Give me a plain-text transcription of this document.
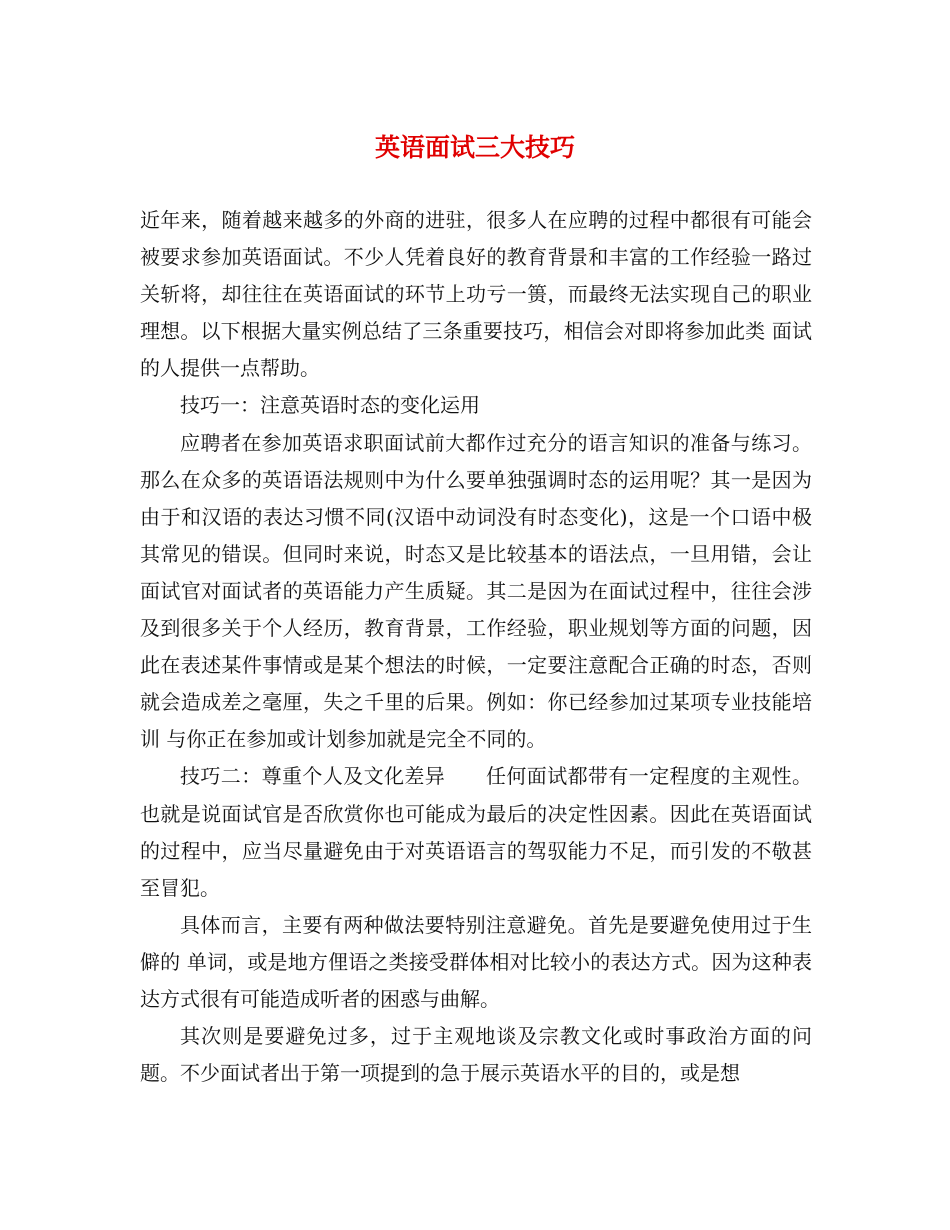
英语面试三大技巧

近年来，随着越来越多的外商的进驻，很多人在应聘的过程中都很有可能会被要求参加英语面试。不少人凭着良好的教育背景和丰富的工作经验一路过关斩将，却往往在英语面试的环节上功亏一篑，而最终无法实现自己的职业理想。以下根据大量实例总结了三条重要技巧，相信会对即将参加此类 面试的人提供一点帮助。

技巧一：注意英语时态的变化运用

应聘者在参加英语求职面试前大都作过充分的语言知识的准备与练习。那么在众多的英语语法规则中为什么要单独强调时态的运用呢？其一是因为由于和汉语的表达习惯不同(汉语中动词没有时态变化)，这是一个口语中极其常见的错误。但同时来说，时态又是比较基本的语法点，一旦用错，会让面试官对面试者的英语能力产生质疑。其二是因为在面试过程中，往往会涉及到很多关于个人经历，教育背景，工作经验，职业规划等方面的问题，因此在表述某件事情或是某个想法的时候，一定要注意配合正确的时态，否则就会造成差之毫厘，失之千里的后果。例如：你已经参加过某项专业技能培训 与你正在参加或计划参加就是完全不同的。

技巧二：尊重个人及文化差异　　任何面试都带有一定程度的主观性。也就是说面试官是否欣赏你也可能成为最后的决定性因素。因此在英语面试的过程中，应当尽量避免由于对英语语言的驾驭能力不足，而引发的不敬甚至冒犯。

具体而言，主要有两种做法要特别注意避免。首先是要避免使用过于生僻的 单词，或是地方俚语之类接受群体相对比较小的表达方式。因为这种表达方式很有可能造成听者的困惑与曲解。

其次则是要避免过多，过于主观地谈及宗教文化或时事政治方面的问题。不少面试者出于第一项提到的急于展示英语水平的目的，或是想
